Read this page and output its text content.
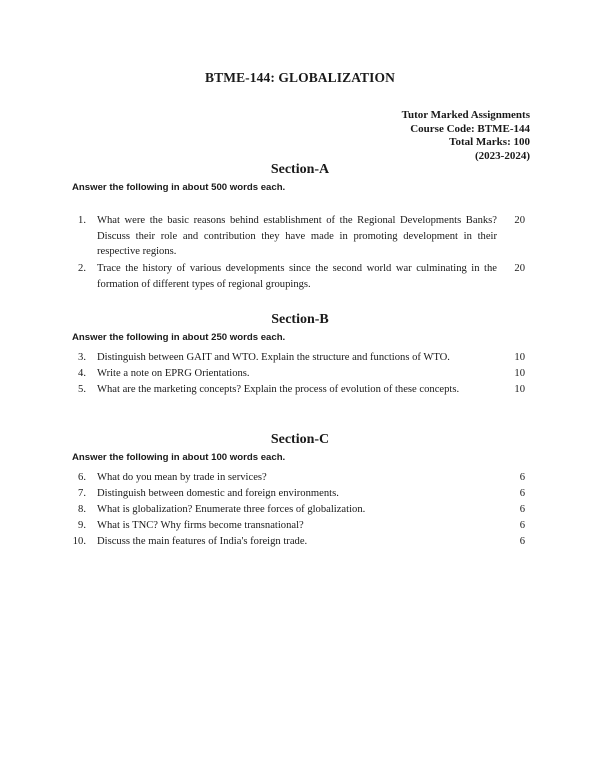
BTME-144: GLOBALIZATION
Tutor Marked Assignments
Course Code: BTME-144
Total Marks: 100
(2023-2024)
Section-A
Answer the following in about 500 words each.
1. What were the basic reasons behind establishment of the Regional Developments Banks? Discuss their role and contribution they have made in promoting development in their respective regions.
20
2. Trace the history of various developments since the second world war culminating in the formation of different types of regional groupings.
20
Section-B
Answer the following in about 250 words each.
3. Distinguish between GAIT and WTO. Explain the structure and functions of WTO.	10
4. Write a note on EPRG Orientations.	10
5. What are the marketing concepts? Explain the process of evolution of these concepts.	10
Section-C
Answer the following in about 100 words each.
6. What do you mean by trade in services?	6
7. Distinguish between domestic and foreign environments.	6
8. What is globalization? Enumerate three forces of globalization.	6
9. What is TNC? Why firms become transnational?	6
10. Discuss the main features of India's foreign trade.	6
